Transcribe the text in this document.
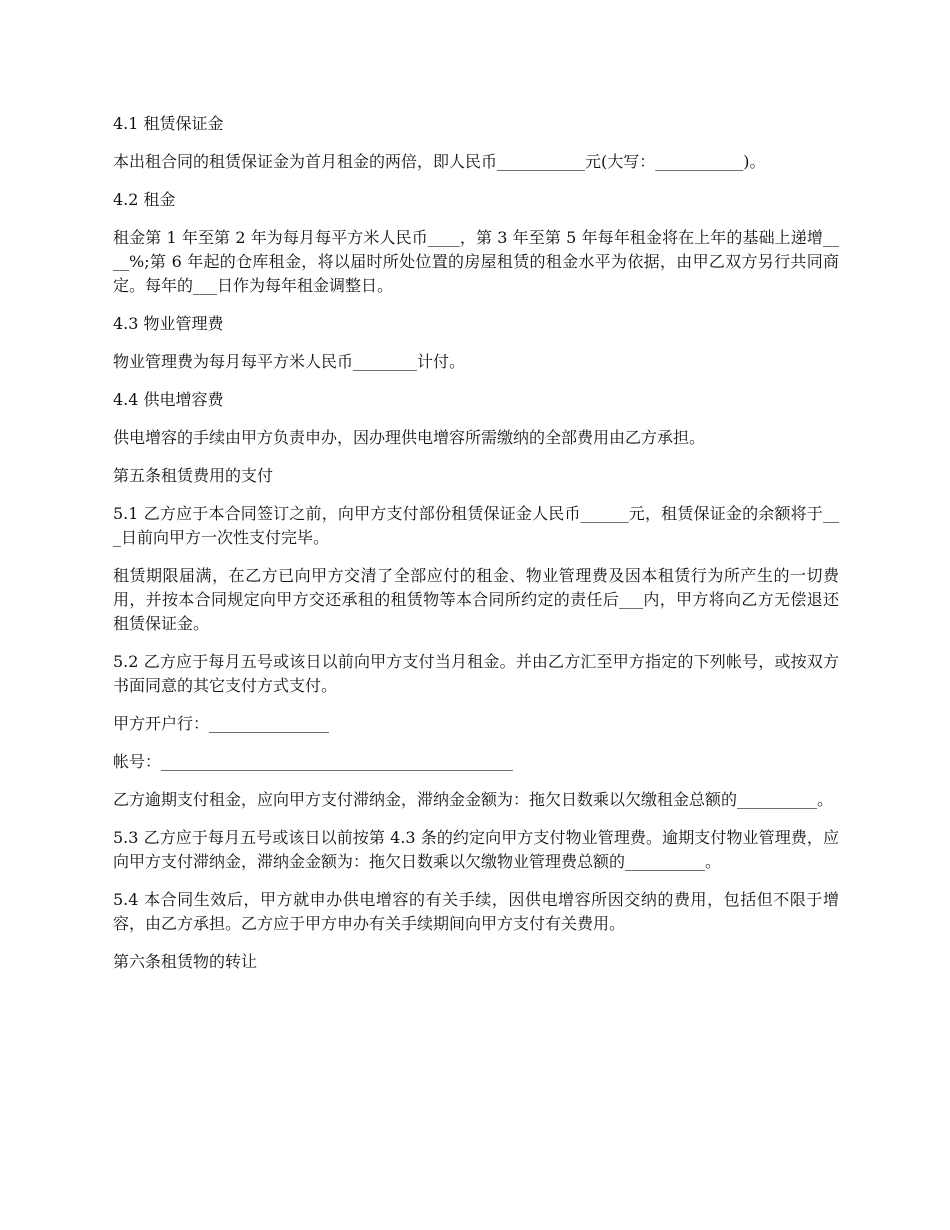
4.1 租赁保证金

本出租合同的租赁保证金为首月租金的两倍，即人民币___________元(大写：___________)。

4.2 租金

租金第 1 年至第 2 年为每月每平方米人民币____，第 3 年至第 5 年每年租金将在上年的基础上递增____%;第 6 年起的仓库租金，将以届时所处位置的房屋租赁的租金水平为依据，由甲乙双方另行共同商定。每年的___日作为每年租金调整日。

4.3 物业管理费

物业管理费为每月每平方米人民币________计付。

4.4 供电增容费

供电增容的手续由甲方负责申办，因办理供电增容所需缴纳的全部费用由乙方承担。

第五条租赁费用的支付

5.1 乙方应于本合同签订之前，向甲方支付部份租赁保证金人民币______元，租赁保证金的余额将于___日前向甲方一次性支付完毕。

租赁期限届满，在乙方已向甲方交清了全部应付的租金、物业管理费及因本租赁行为所产生的一切费用，并按本合同规定向甲方交还承租的租赁物等本合同所约定的责任后___内，甲方将向乙方无偿退还租赁保证金。

5.2 乙方应于每月五号或该日以前向甲方支付当月租金。并由乙方汇至甲方指定的下列帐号，或按双方书面同意的其它支付方式支付。

甲方开户行：_______________

帐号：____________________________________________

乙方逾期支付租金，应向甲方支付滞纳金，滞纳金金额为：拖欠日数乘以欠缴租金总额的__________。

5.3 乙方应于每月五号或该日以前按第 4.3 条的约定向甲方支付物业管理费。逾期支付物业管理费，应向甲方支付滞纳金，滞纳金金额为：拖欠日数乘以欠缴物业管理费总额的__________。

5.4 本合同生效后，甲方就申办供电增容的有关手续，因供电增容所因交纳的费用，包括但不限于增容，由乙方承担。乙方应于甲方申办有关手续期间向甲方支付有关费用。

第六条租赁物的转让
